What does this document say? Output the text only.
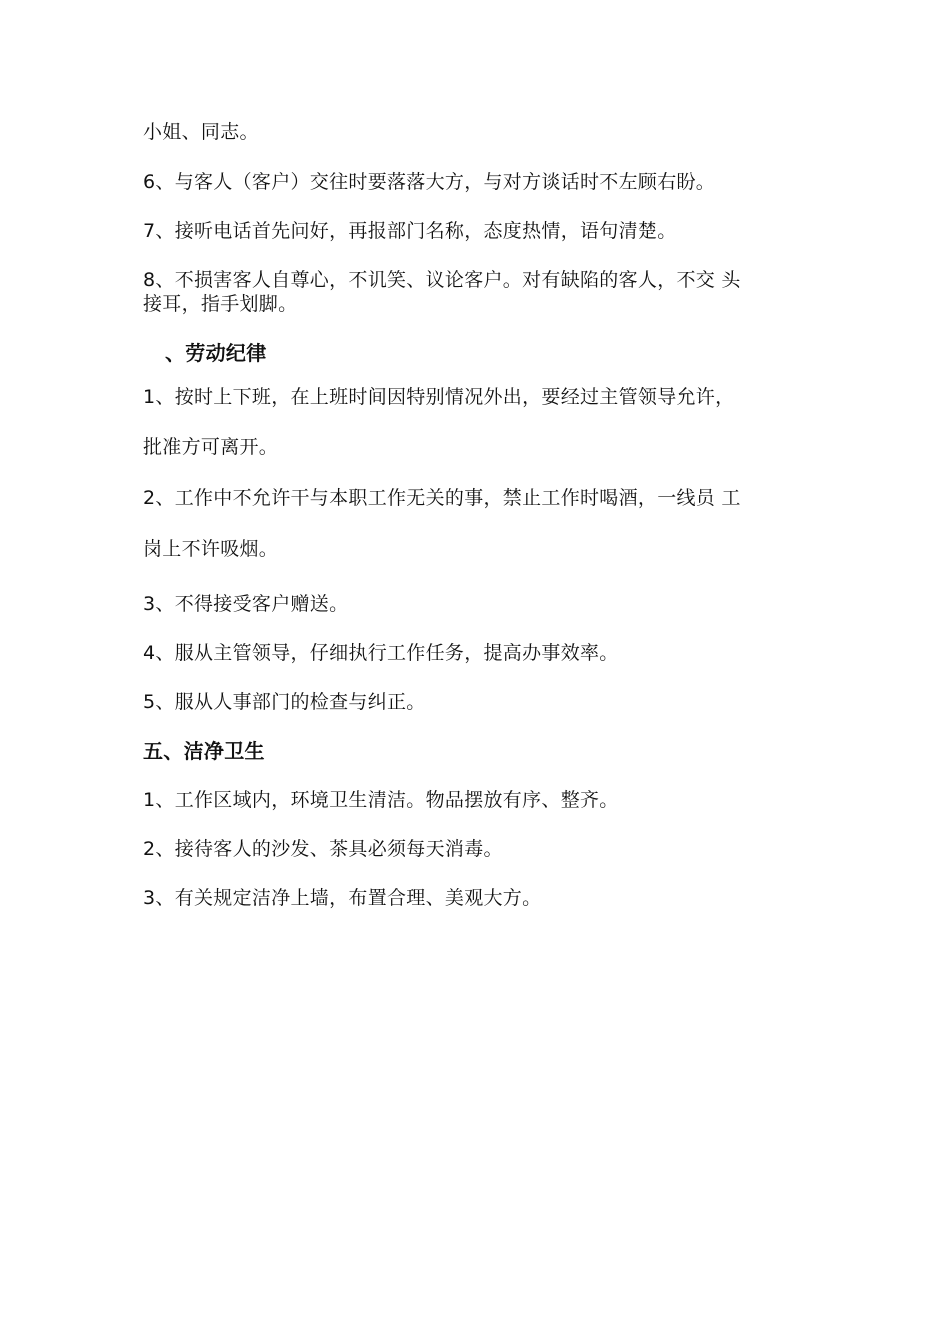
小姐、同志。
6、与客人（客户）交往时要落落大方，与对方谈话时不左顾右盼。
7、接听电话首先问好，再报部门名称，态度热情，语句清楚。
8、不损害客人自尊心，不讥笑、议论客户。对有缺陷的客人，不交 头
接耳，指手划脚。
、劳动纪律
1、按时上下班，在上班时间因特别情况外出，要经过主管领导允许，
批准方可离开。
2、工作中不允许干与本职工作无关的事，禁止工作时喝酒，一线员 工
岗上不许吸烟。
3、不得接受客户赠送。
4、服从主管领导，仔细执行工作任务，提高办事效率。
5、服从人事部门的检查与纠正。
五、洁净卫生
1、工作区域内，环境卫生清洁。物品摆放有序、整齐。
2、接待客人的沙发、茶具必须每天消毒。
3、有关规定洁净上墙，布置合理、美观大方。
